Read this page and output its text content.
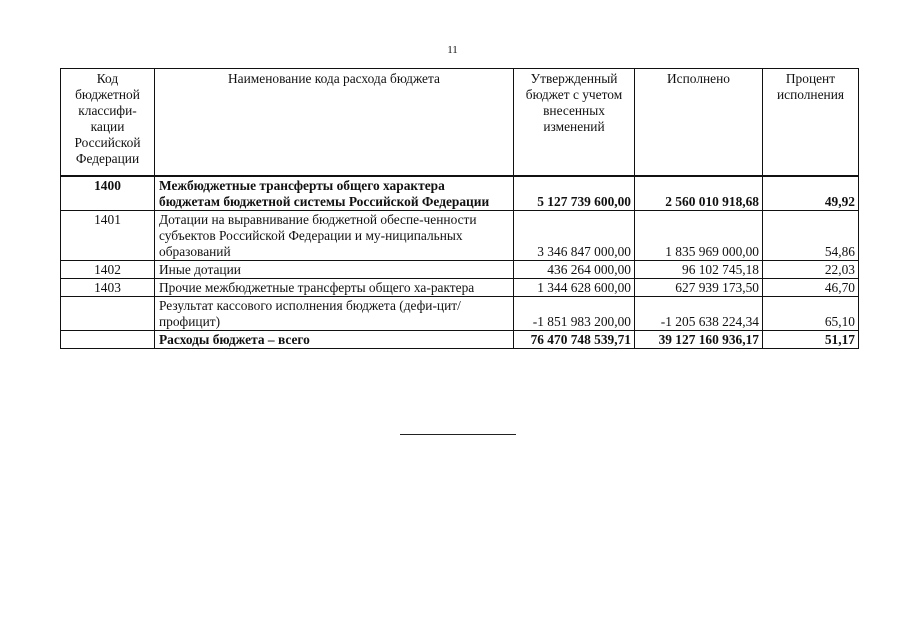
11
Код бюджетной классифи-кации Российской Федерации	Наименование кода расхода бюджета	Утвержденный бюджет с учетом внесенных изменений	Исполнено	Процент исполнения
1400	Межбюджетные трансферты общего характера бюджетам бюджетной системы Российской Федерации	5 127 739 600,00	2 560 010 918,68	49,92
1401	Дотации на выравнивание бюджетной обеспе-ченности субъектов Российской Федерации и му-ниципальных образований	3 346 847 000,00	1 835 969 000,00	54,86
1402	Иные дотации	436 264 000,00	96 102 745,18	22,03
1403	Прочие межбюджетные трансферты общего ха-рактера	1 344 628 600,00	627 939 173,50	46,70
	Результат кассового исполнения бюджета (дефи-цит/профицит)	-1 851 983 200,00	-1 205 638 224,34	65,10
	Расходы бюджета – всего	76 470 748 539,71	39 127 160 936,17	51,17
